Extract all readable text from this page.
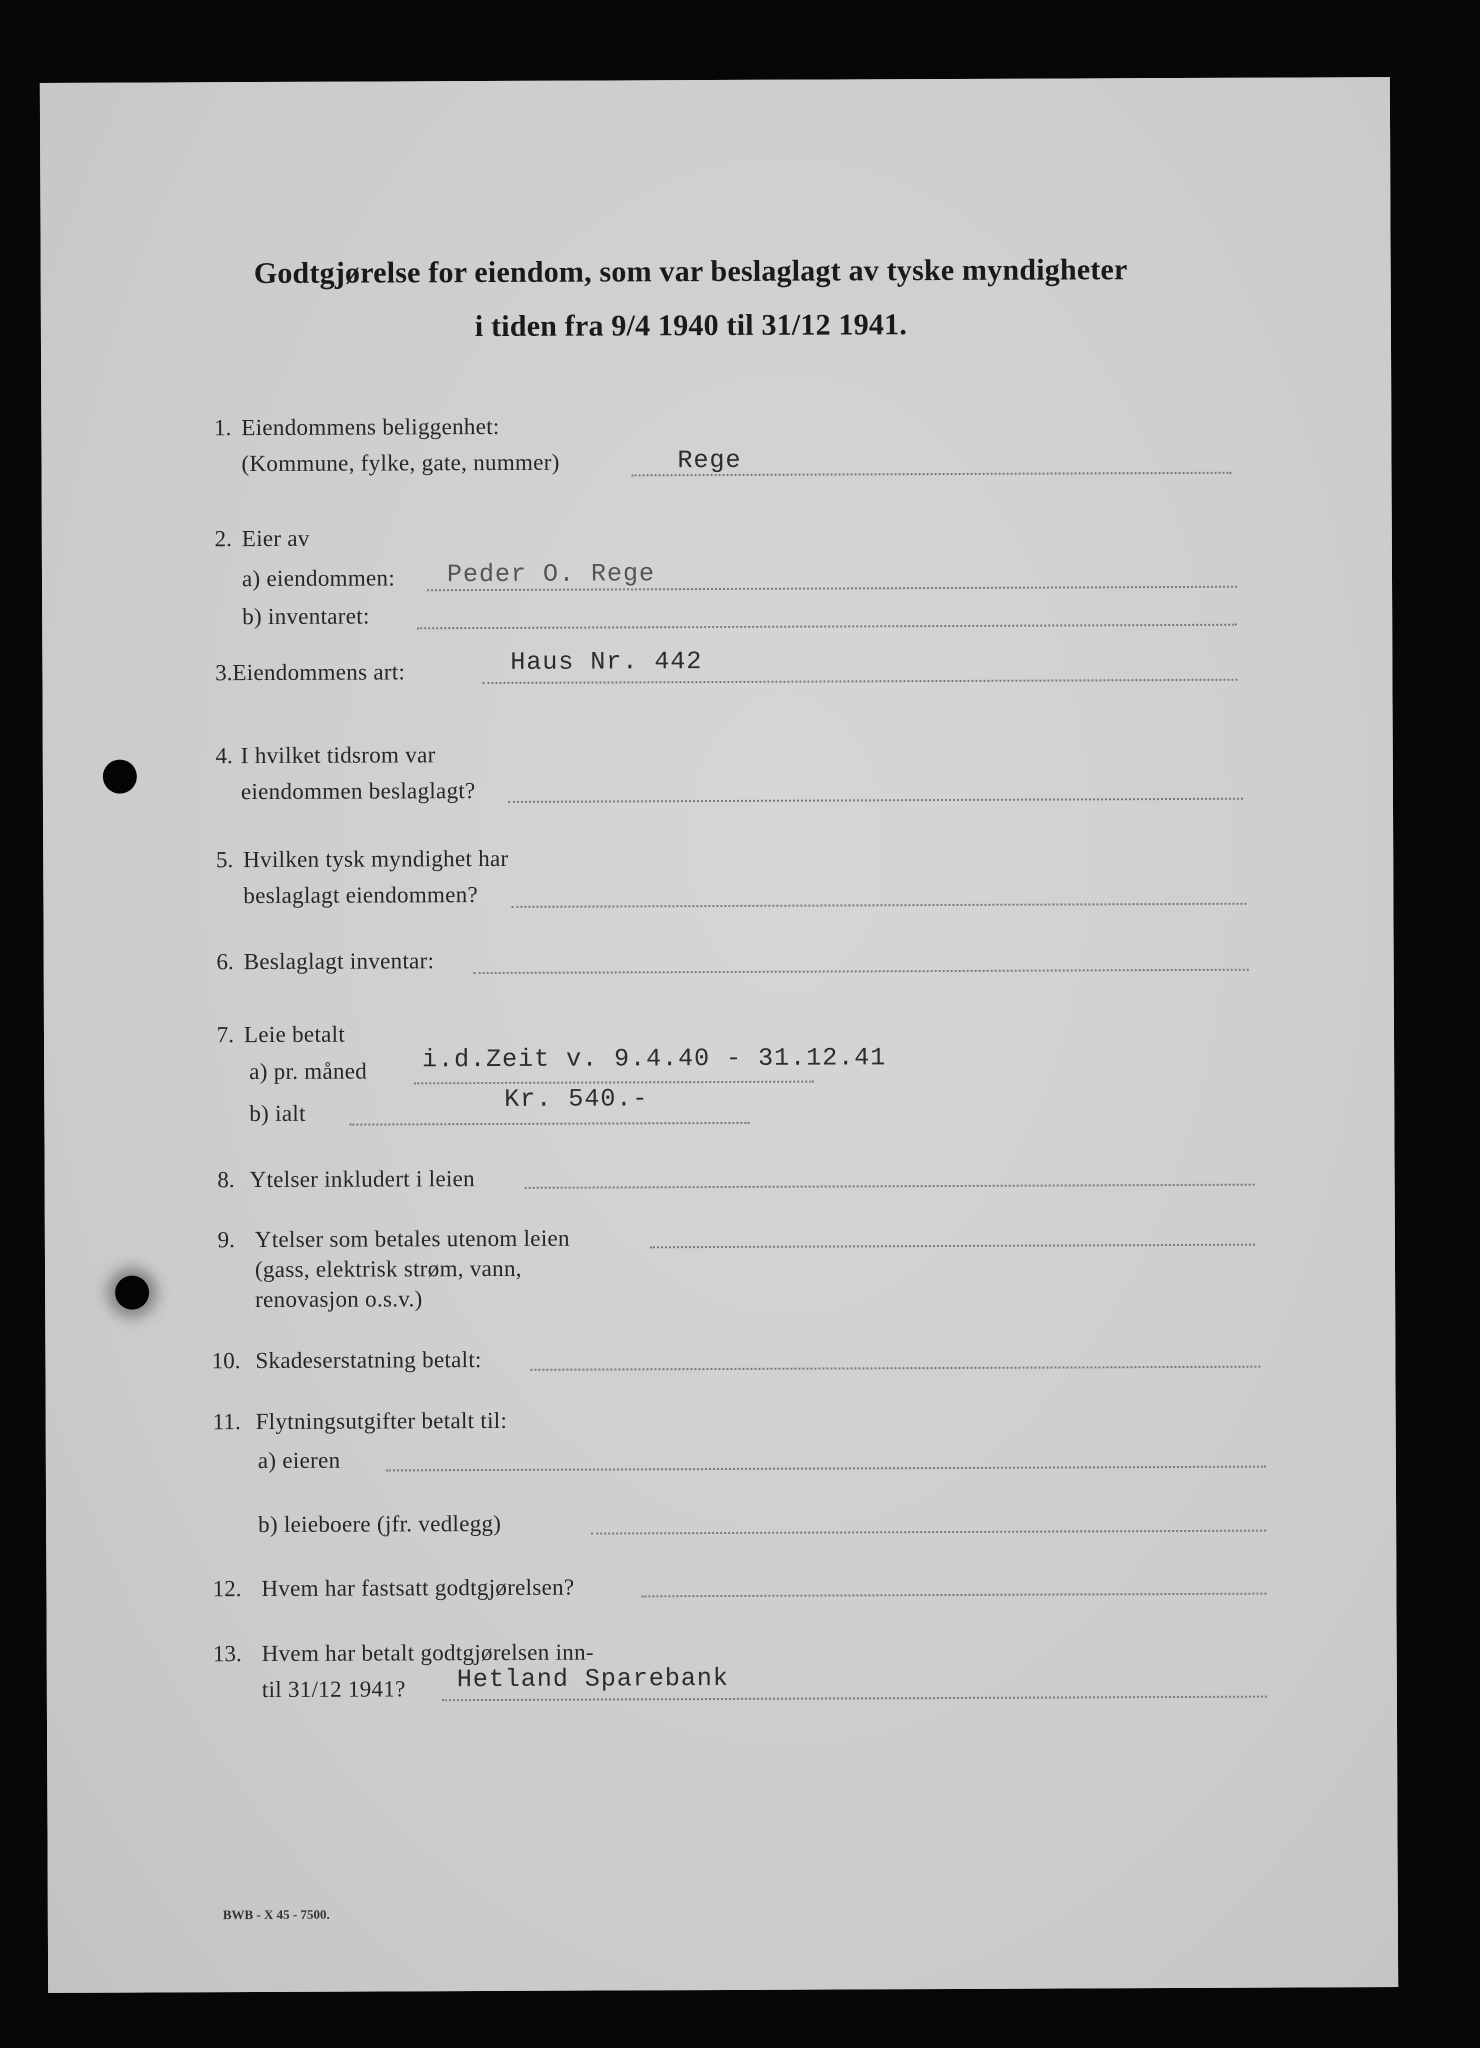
Godtgjørelse for eiendom, som var beslaglagt av tyske myndigheter
i tiden fra 9/4 1940 til 31/12 1941.
1. Eiendommens beliggenhet:
(Kommune, fylke, gate, nummer)	Rege
2. Eier av
a) eiendommen: Peder O. Rege
b) inventaret:
3. Eiendommens art:	Haus Nr. 442
4. I hvilket tidsrom var
eiendommen beslaglagt?
5. Hvilken tysk myndighet har
beslaglagt eiendommen?
6. Beslaglagt inventar:
7. Leie betalt
a) pr. måned i.d.Zeit v. 9.4.40 - 31.12.41
b) ialt	Kr. 540.-
8. Ytelser inkludert i leien
9. Ytelser som betales utenom leien
(gass, elektrisk strøm, vann,
renovasjon o.s.v.)
10. Skadeserstatning betalt:
11. Flytningsutgifter betalt til:
a) eieren
b) leieboere (jfr. vedlegg)
12. Hvem har fastsatt godtgjørelsen?
13. Hvem har betalt godtgjørelsen inn-
til 31/12 1941? Hetland Sparebank
BWB - X 45 - 7500.
